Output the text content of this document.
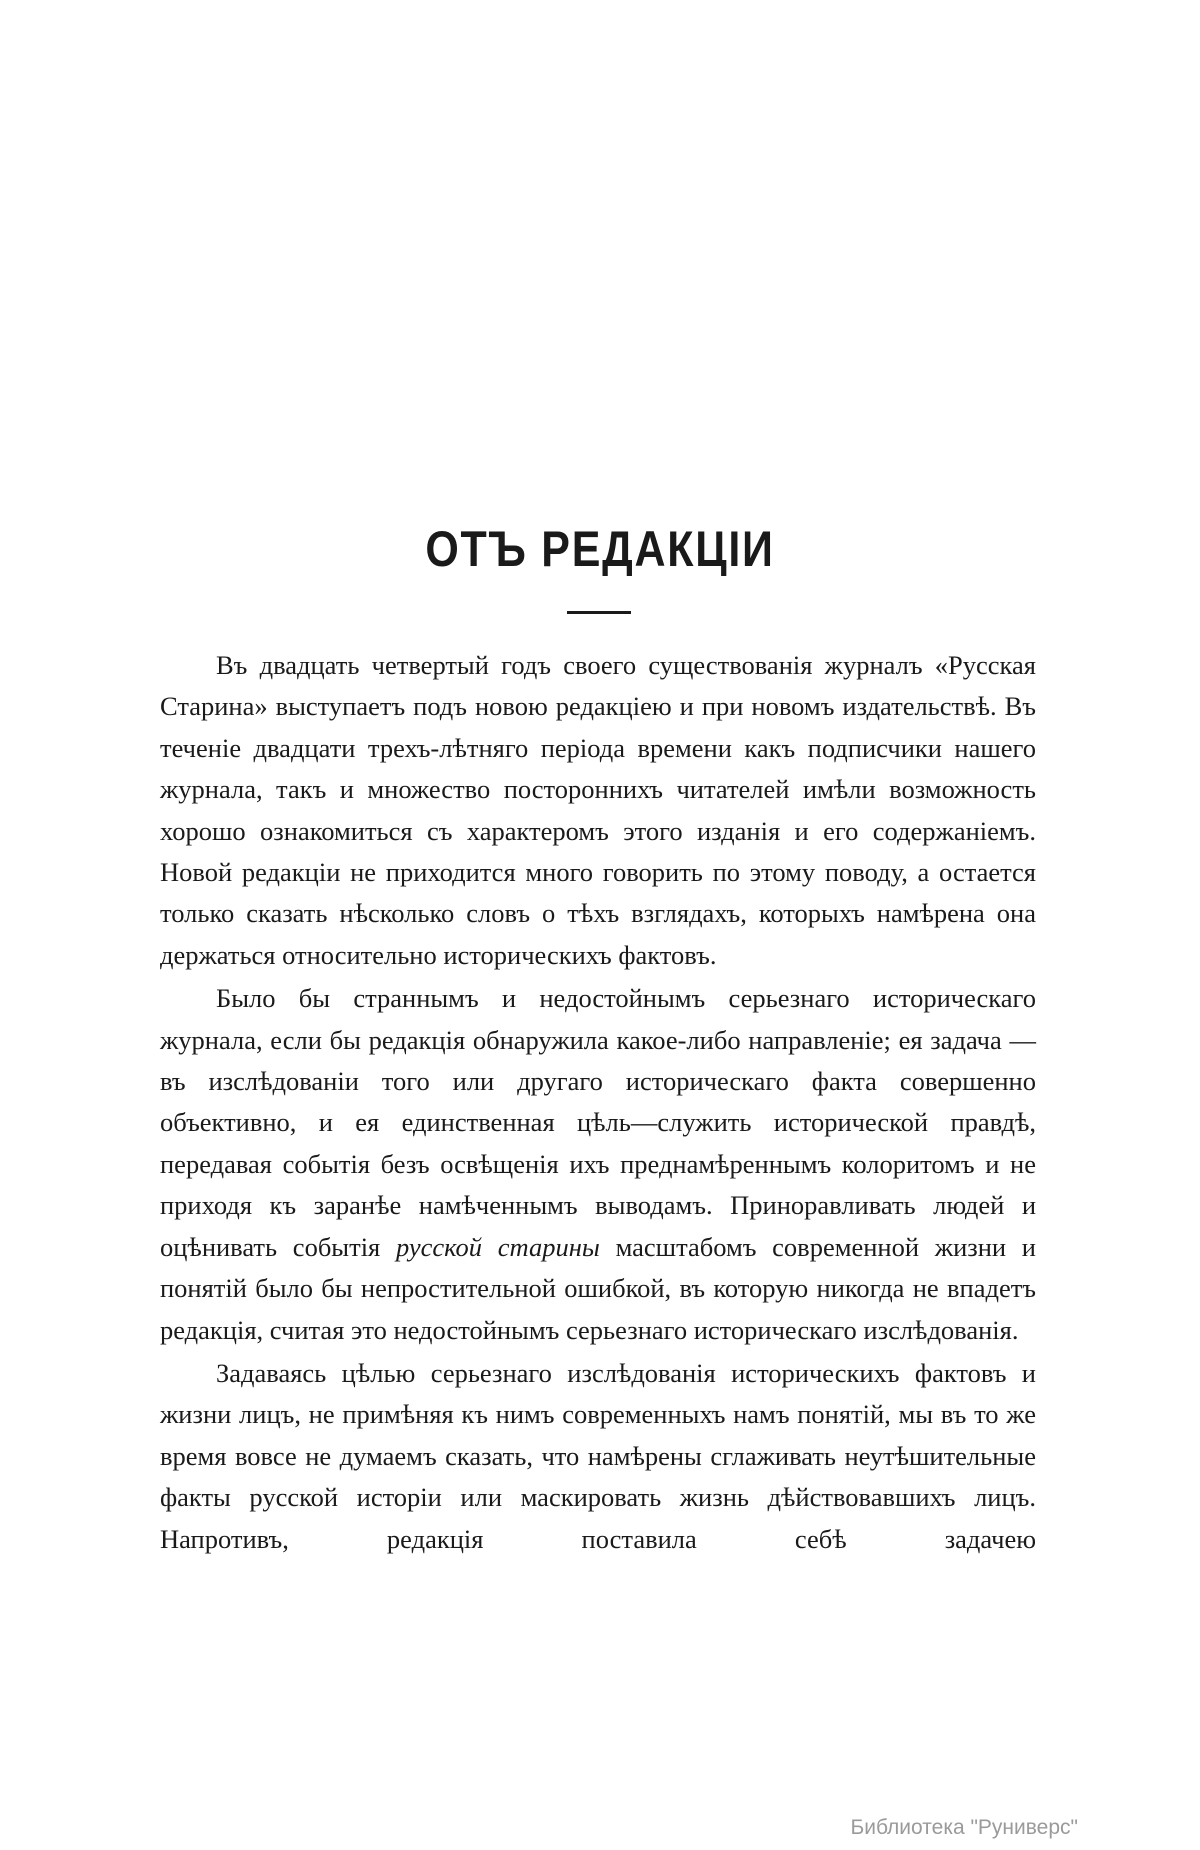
ОТЪ РЕДАКЦІИ

Въ двадцать четвертый годъ своего существованія журналъ «Русская Старина» выступаетъ подъ новою редакціею и при новомъ издательствѣ. Въ теченіе двадцати трехъ-лѣтняго періода времени какъ подписчики нашего журнала, такъ и множество постороннихъ читателей имѣли возможность хорошо ознакомиться съ характеромъ этого изданія и его содержаніемъ. Новой редакціи не приходится много говорить по этому поводу, а остается только сказать нѣсколько словъ о тѣхъ взглядахъ, которыхъ намѣрена она держаться относительно историческихъ фактовъ.

Было бы страннымъ и недостойнымъ серьезнаго историческаго журнала, если бы редакція обнаружила какое-либо направленіе; ея задача — въ изслѣдованіи того или другаго историческаго факта совершенно объективно, и ея единственная цѣль—служить исторической правдѣ, передавая событія безъ освѣщенія ихъ преднамѣреннымъ колоритомъ и не приходя къ заранѣе намѣченнымъ выводамъ. Приноравливать людей и оцѣнивать событія русской старины масштабомъ современной жизни и понятій было бы непростительной ошибкой, въ которую никогда не впадетъ редакція, считая это недостойнымъ серьезнаго историческаго изслѣдованія.

Задаваясь цѣлью серьезнаго изслѣдованія историческихъ фактовъ и жизни лицъ, не примѣняя къ нимъ современныхъ намъ понятій, мы въ то же время вовсе не думаемъ сказать, что намѣрены сглаживать неутѣшительные факты русской исторіи или маскировать жизнь дѣйствовавшихъ лицъ. Напротивъ, редакція поставила себѣ задачею

Библиотека "Руниверс"
